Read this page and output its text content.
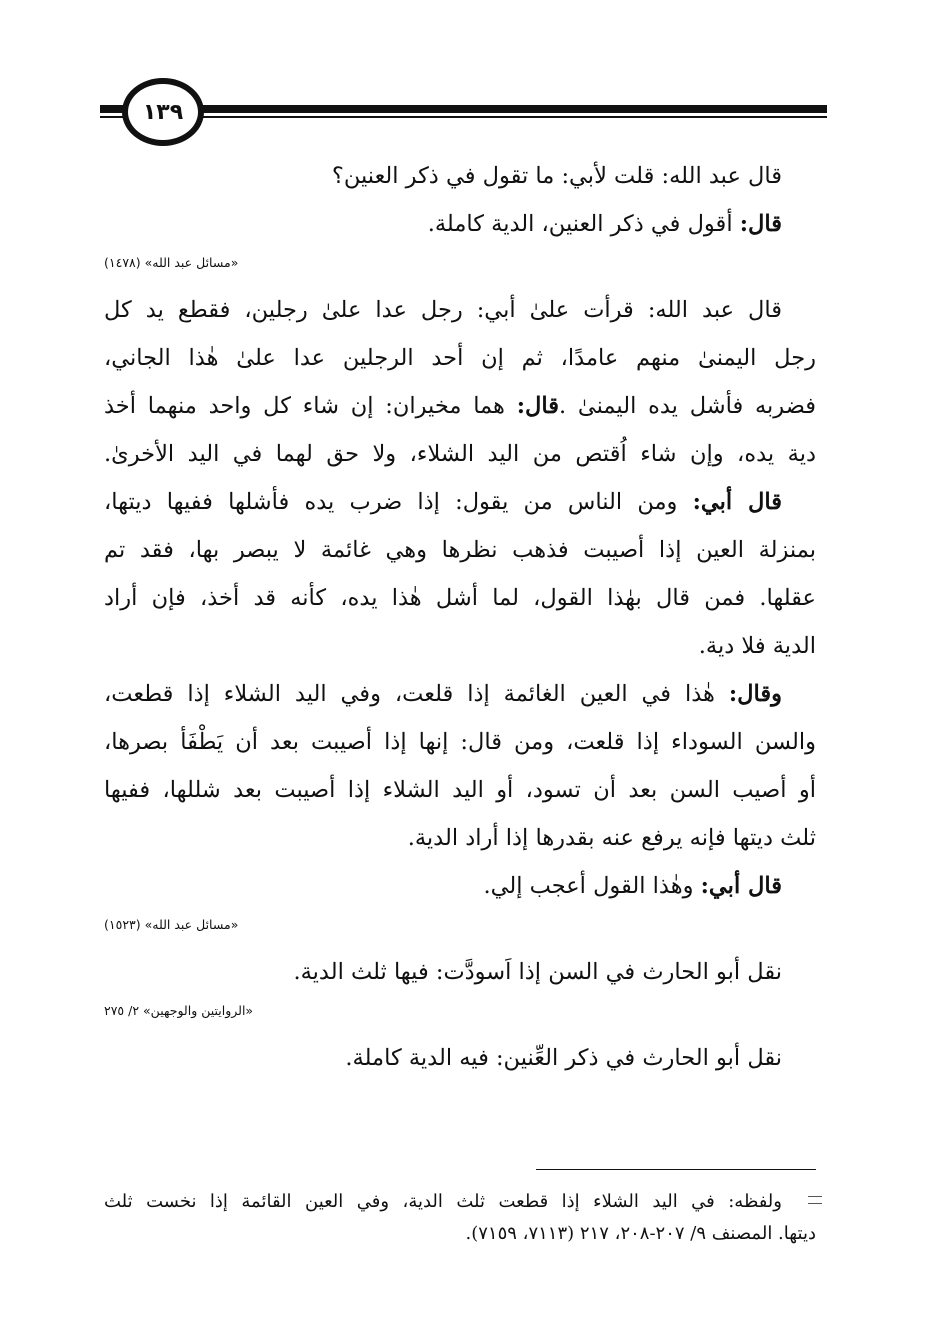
١٣٩
قال عبد الله: قلت لأبي: ما تقول في ذكر العنين؟
قال: أقول في ذكر العنين، الدية كاملة.
«مسائل عبد الله» (١٤٧٨)
قال عبد الله: قرأت علىٰ أبي: رجل عدا علىٰ رجلين، فقطع يد كل
رجل اليمنىٰ منهم عامدًا، ثم إن أحد الرجلين عدا علىٰ هٰذا الجاني،
فضربه فأشل يده اليمنىٰ .قال: هما مخيران: إن شاء كل واحد منهما أخذ
دية يده، وإن شاء اُقتص من اليد الشلاء، ولا حق لهما في اليد الأخرىٰ.
قال أبي: ومن الناس من يقول: إذا ضرب يده فأشلها ففيها ديتها،
بمنزلة العين إذا أصيبت فذهب نظرها وهي غائمة لا يبصر بها، فقد تم
عقلها. فمن قال بهٰذا القول، لما أشل هٰذا يده، كأنه قد أخذ، فإن أراد
الدية فلا دية.
وقال: هٰذا في العين الغائمة إذا قلعت، وفي اليد الشلاء إذا قطعت،
والسن السوداء إذا قلعت، ومن قال: إنها إذا أصيبت بعد أن يَطْفَأ بصرها،
أو أصيب السن بعد أن تسود، أو اليد الشلاء إذا أصيبت بعد شللها، ففيها
ثلث ديتها فإنه يرفع عنه بقدرها إذا أراد الدية.
قال أبي: وهٰذا القول أعجب إلي.
«مسائل عبد الله» (١٥٢٣)
نقل أبو الحارث في السن إذا اَسودَّت: فيها ثلث الدية.
«الروايتين والوجهين» ٢/ ٢٧٥
نقل أبو الحارث في ذكر العِّنين: فيه الدية كاملة.
ولفظه: في اليد الشلاء إذا قطعت ثلث الدية، وفي العين القائمة إذا نخست ثلث
ديتها. المصنف ٩/ ٢٠٧-٢٠٨، ٢١٧ (٧١١٣، ٧١٥٩).
